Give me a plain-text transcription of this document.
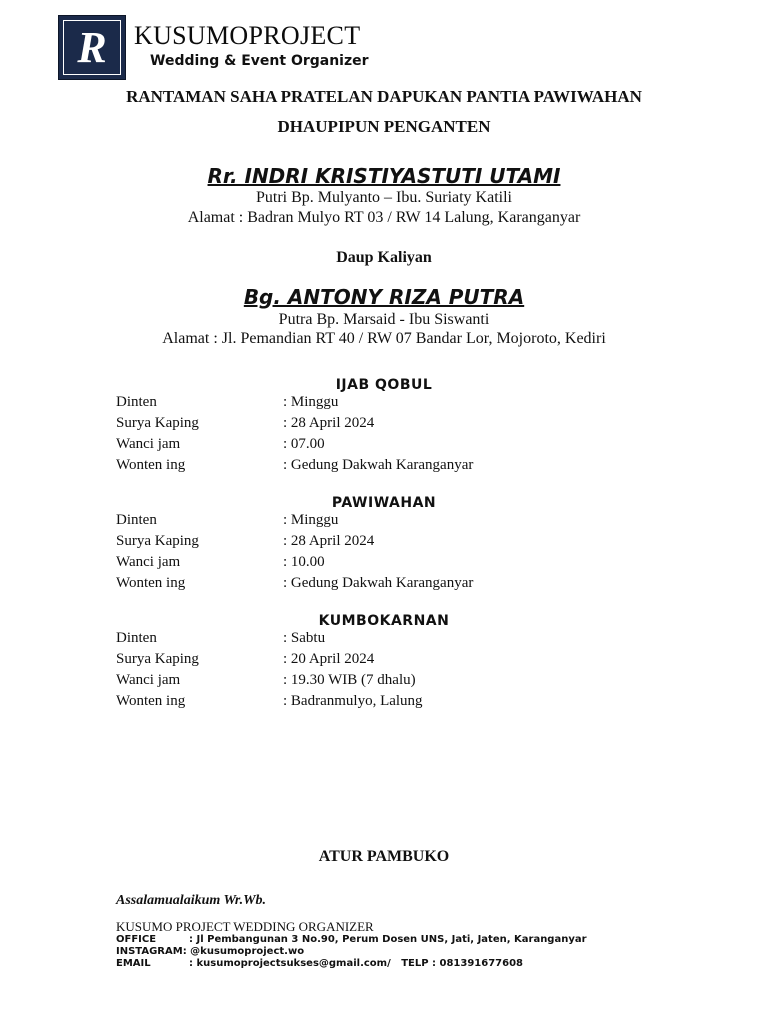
R	KUSUMOPROJECT
Wedding & Event Organizer
RANTAMAN SAHA PRATELAN DAPUKAN PANTIA PAWIWAHAN
DHAUPIPUN PENGANTEN
Rr. INDRI KRISTIYASTUTI UTAMI
Putri Bp. Mulyanto – Ibu. Suriaty Katili
Alamat : Badran Mulyo RT 03 / RW 14 Lalung, Karanganyar
Daup Kaliyan
Bg. ANTONY RIZA PUTRA
Putra Bp. Marsaid - Ibu Siswanti
Alamat : Jl. Pemandian RT 40 / RW 07 Bandar Lor, Mojoroto, Kediri
IJAB QOBUL
Dinten	: Minggu
Surya Kaping	: 28 April 2024
Wanci jam	: 07.00
Wonten ing	: Gedung Dakwah Karanganyar
PAWIWAHAN
Dinten	: Minggu
Surya Kaping	: 28 April 2024
Wanci jam	: 10.00
Wonten ing	: Gedung Dakwah Karanganyar
KUMBOKARNAN
Dinten	: Sabtu
Surya Kaping	: 20 April 2024
Wanci jam	: 19.30 WIB (7 dhalu)
Wonten ing	: Badranmulyo, Lalung
ATUR PAMBUKO
Assalamualaikum Wr.Wb.
KUSUMO PROJECT WEDDING ORGANIZER
OFFICE	: Jl Pembangunan 3 No.90, Perum Dosen UNS, Jati, Jaten, Karanganyar
INSTAGRAM: @kusumoproject.wo
EMAIL	: kusumoprojectsukses@gmail.com/ TELP : 081391677608
